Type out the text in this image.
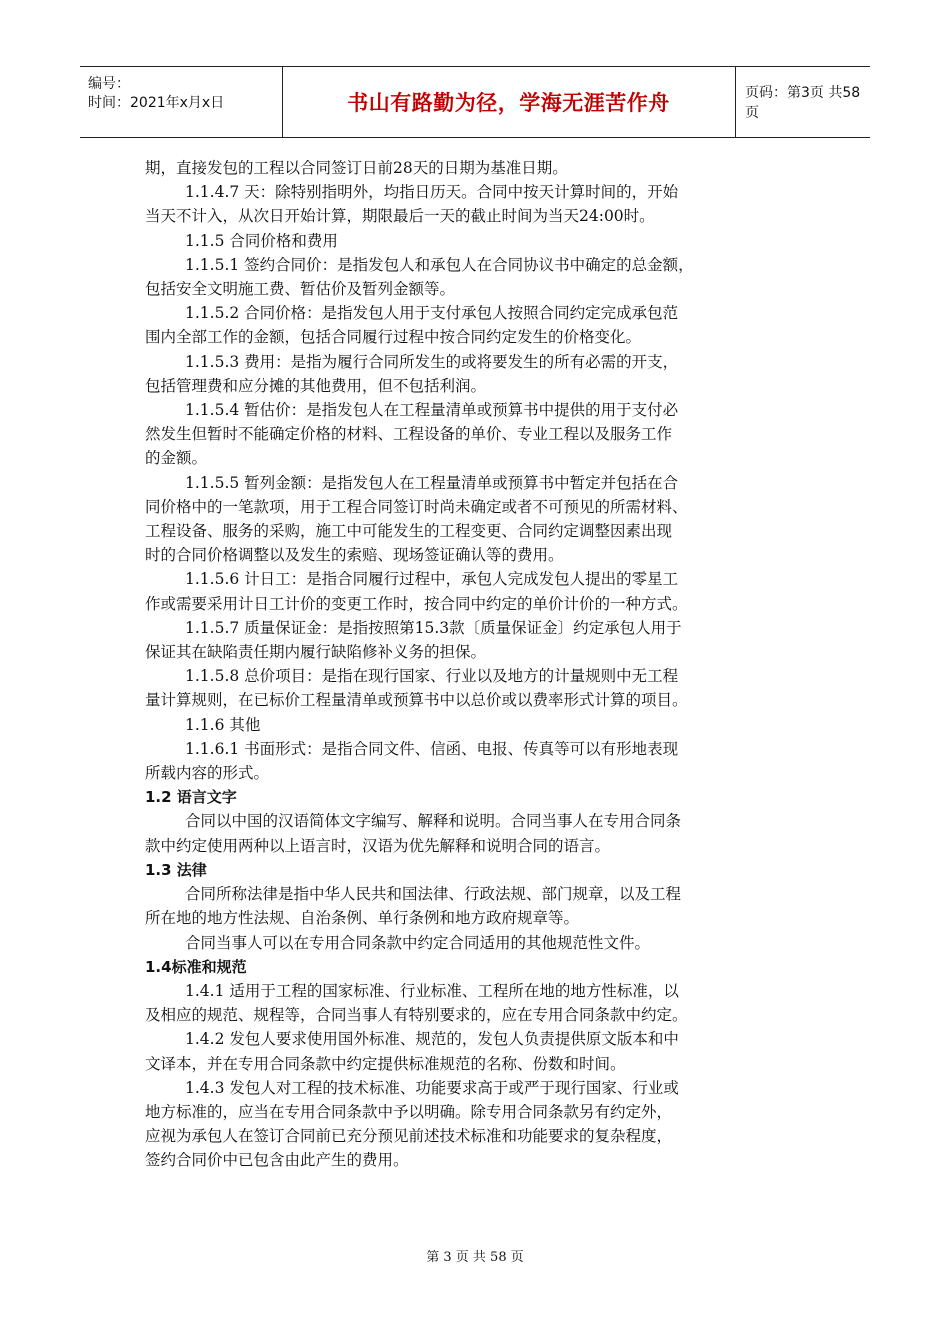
编号：
时间：2021年x月x日	书山有路勤为径，学海无涯苦作舟	页码：第3页 共58页
期，直接发包的工程以合同签订日前28天的日期为基准日期。
1.1.4.7 天：除特别指明外，均指日历天。合同中按天计算时间的，开始
当天不计入，从次日开始计算，期限最后一天的截止时间为当天24:00时。
1.1.5 合同价格和费用
1.1.5.1 签约合同价：是指发包人和承包人在合同协议书中确定的总金额，
包括安全文明施工费、暂估价及暂列金额等。
1.1.5.2 合同价格：是指发包人用于支付承包人按照合同约定完成承包范
围内全部工作的金额，包括合同履行过程中按合同约定发生的价格变化。
1.1.5.3 费用：是指为履行合同所发生的或将要发生的所有必需的开支，
包括管理费和应分摊的其他费用，但不包括利润。
1.1.5.4 暂估价：是指发包人在工程量清单或预算书中提供的用于支付必
然发生但暂时不能确定价格的材料、工程设备的单价、专业工程以及服务工作
的金额。
1.1.5.5 暂列金额：是指发包人在工程量清单或预算书中暂定并包括在合
同价格中的一笔款项，用于工程合同签订时尚未确定或者不可预见的所需材料、
工程设备、服务的采购，施工中可能发生的工程变更、合同约定调整因素出现
时的合同价格调整以及发生的索赔、现场签证确认等的费用。
1.1.5.6 计日工：是指合同履行过程中，承包人完成发包人提出的零星工
作或需要采用计日工计价的变更工作时，按合同中约定的单价计价的一种方式。
1.1.5.7 质量保证金：是指按照第15.3款〔质量保证金〕约定承包人用于
保证其在缺陷责任期内履行缺陷修补义务的担保。
1.1.5.8 总价项目：是指在现行国家、行业以及地方的计量规则中无工程
量计算规则，在已标价工程量清单或预算书中以总价或以费率形式计算的项目。
1.1.6 其他
1.1.6.1 书面形式：是指合同文件、信函、电报、传真等可以有形地表现
所载内容的形式。
1.2 语言文字
合同以中国的汉语简体文字编写、解释和说明。合同当事人在专用合同条
款中约定使用两种以上语言时，汉语为优先解释和说明合同的语言。
1.3 法律
合同所称法律是指中华人民共和国法律、行政法规、部门规章，以及工程
所在地的地方性法规、自治条例、单行条例和地方政府规章等。
合同当事人可以在专用合同条款中约定合同适用的其他规范性文件。
1.4标准和规范
1.4.1 适用于工程的国家标准、行业标准、工程所在地的地方性标准，以
及相应的规范、规程等，合同当事人有特别要求的，应在专用合同条款中约定。
1.4.2 发包人要求使用国外标准、规范的，发包人负责提供原文版本和中
文译本，并在专用合同条款中约定提供标准规范的名称、份数和时间。
1.4.3 发包人对工程的技术标准、功能要求高于或严于现行国家、行业或
地方标准的，应当在专用合同条款中予以明确。除专用合同条款另有约定外，
应视为承包人在签订合同前已充分预见前述技术标准和功能要求的复杂程度，
签约合同价中已包含由此产生的费用。
第 3 页 共 58 页
